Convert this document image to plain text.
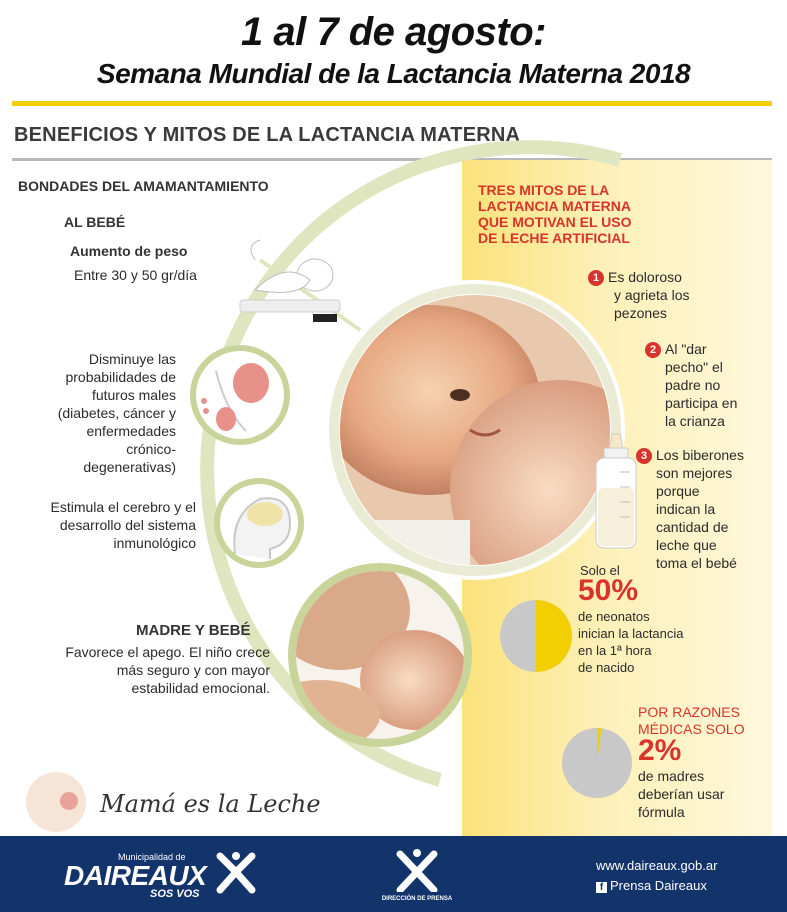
1 al 7 de agosto:
Semana Mundial de la Lactancia Materna 2018
BENEFICIOS Y MITOS DE LA LACTANCIA MATERNA
BONDADES DEL AMAMANTAMIENTO
AL BEBÉ
Aumento de peso
Entre 30 y 50 gr/día
Disminuye las
probabilidades de
futuros males
(diabetes, cáncer y
enfermedades
crónico-
degenerativas)
Estimula el cerebro y el
desarrollo del sistema
inmunológico
MADRE Y BEBÉ
Favorece el apego. El niño crece
más seguro y con mayor
estabilidad emocional.
TRES MITOS DE LA
LACTANCIA MATERNA
QUE MOTIVAN EL USO
DE LECHE ARTIFICIAL
1 Es doloroso
y agrieta los
pezones
2 Al "dar
pecho" el
padre no
participa en
la crianza
3 Los biberones
son mejores
porque
indican la
cantidad de
leche que
toma el bebé
Solo el
50%
de neonatos
inician la lactancia
en la 1ª hora
de nacido
POR RAZONES
MÉDICAS SOLO
2%
de madres
deberían usar
fórmula
Mamá es la Leche
Municipalidad de
DAIREAUX
SOS VOS	DIRECCIÓN DE PRENSA
www.daireaux.gob.ar
f Prensa Daireaux
